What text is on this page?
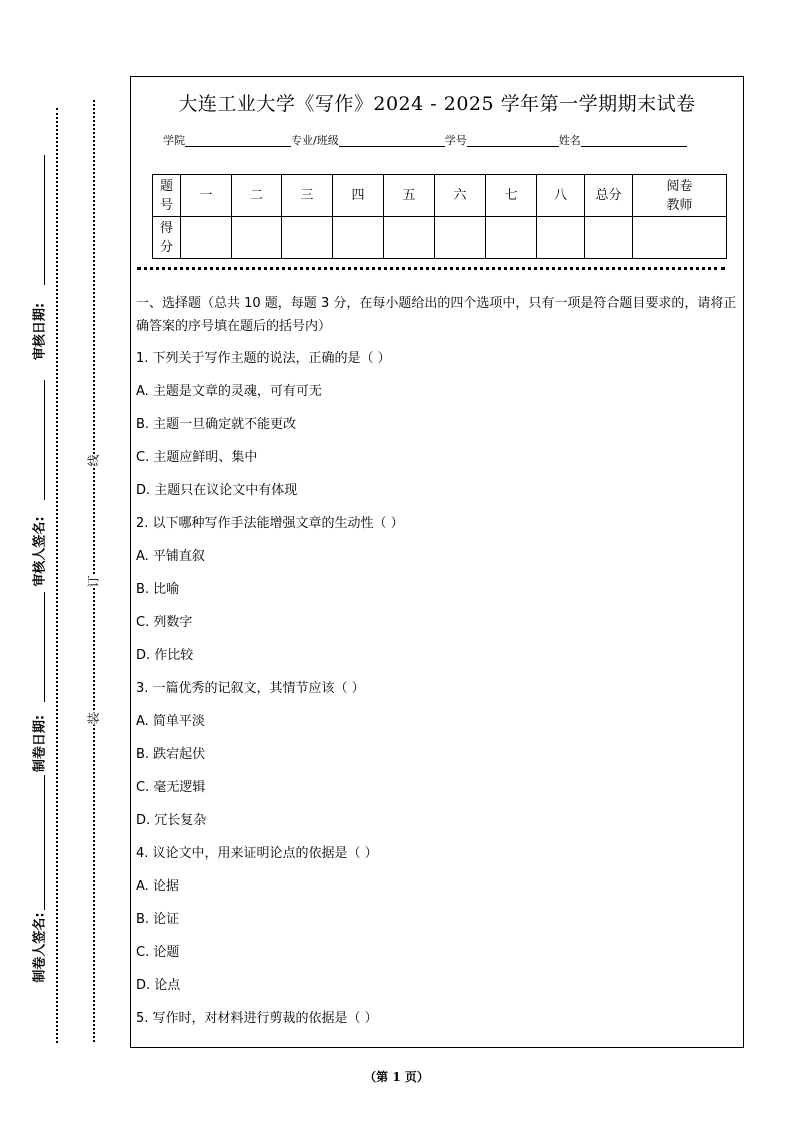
审核日期:
审核人签名:
制卷日期:
制卷人签名:
线
订
装
大连工业大学《写作》2024 - 2025 学年第一学期期末试卷
学院	专业/班级	学号	姓名
题
号	一	二	三	四	五	六	七	八	总分	阅卷
教师
得
分										
一、选择题（总共 10 题，每题 3 分，在每小题给出的四个选项中，只有一项是符合题目要求的，请将正确答案的序号填在题后的括号内）
1. 下列关于写作主题的说法，正确的是（ ）
A. 主题是文章的灵魂，可有可无
B. 主题一旦确定就不能更改
C. 主题应鲜明、集中
D. 主题只在议论文中有体现
2. 以下哪种写作手法能增强文章的生动性（ ）
A. 平铺直叙
B. 比喻
C. 列数字
D. 作比较
3. 一篇优秀的记叙文，其情节应该（ ）
A. 简单平淡
B. 跌宕起伏
C. 毫无逻辑
D. 冗长复杂
4. 议论文中，用来证明论点的依据是（ ）
A. 论据
B. 论证
C. 论题
D. 论点
5. 写作时，对材料进行剪裁的依据是（ ）
（第 1 页）
